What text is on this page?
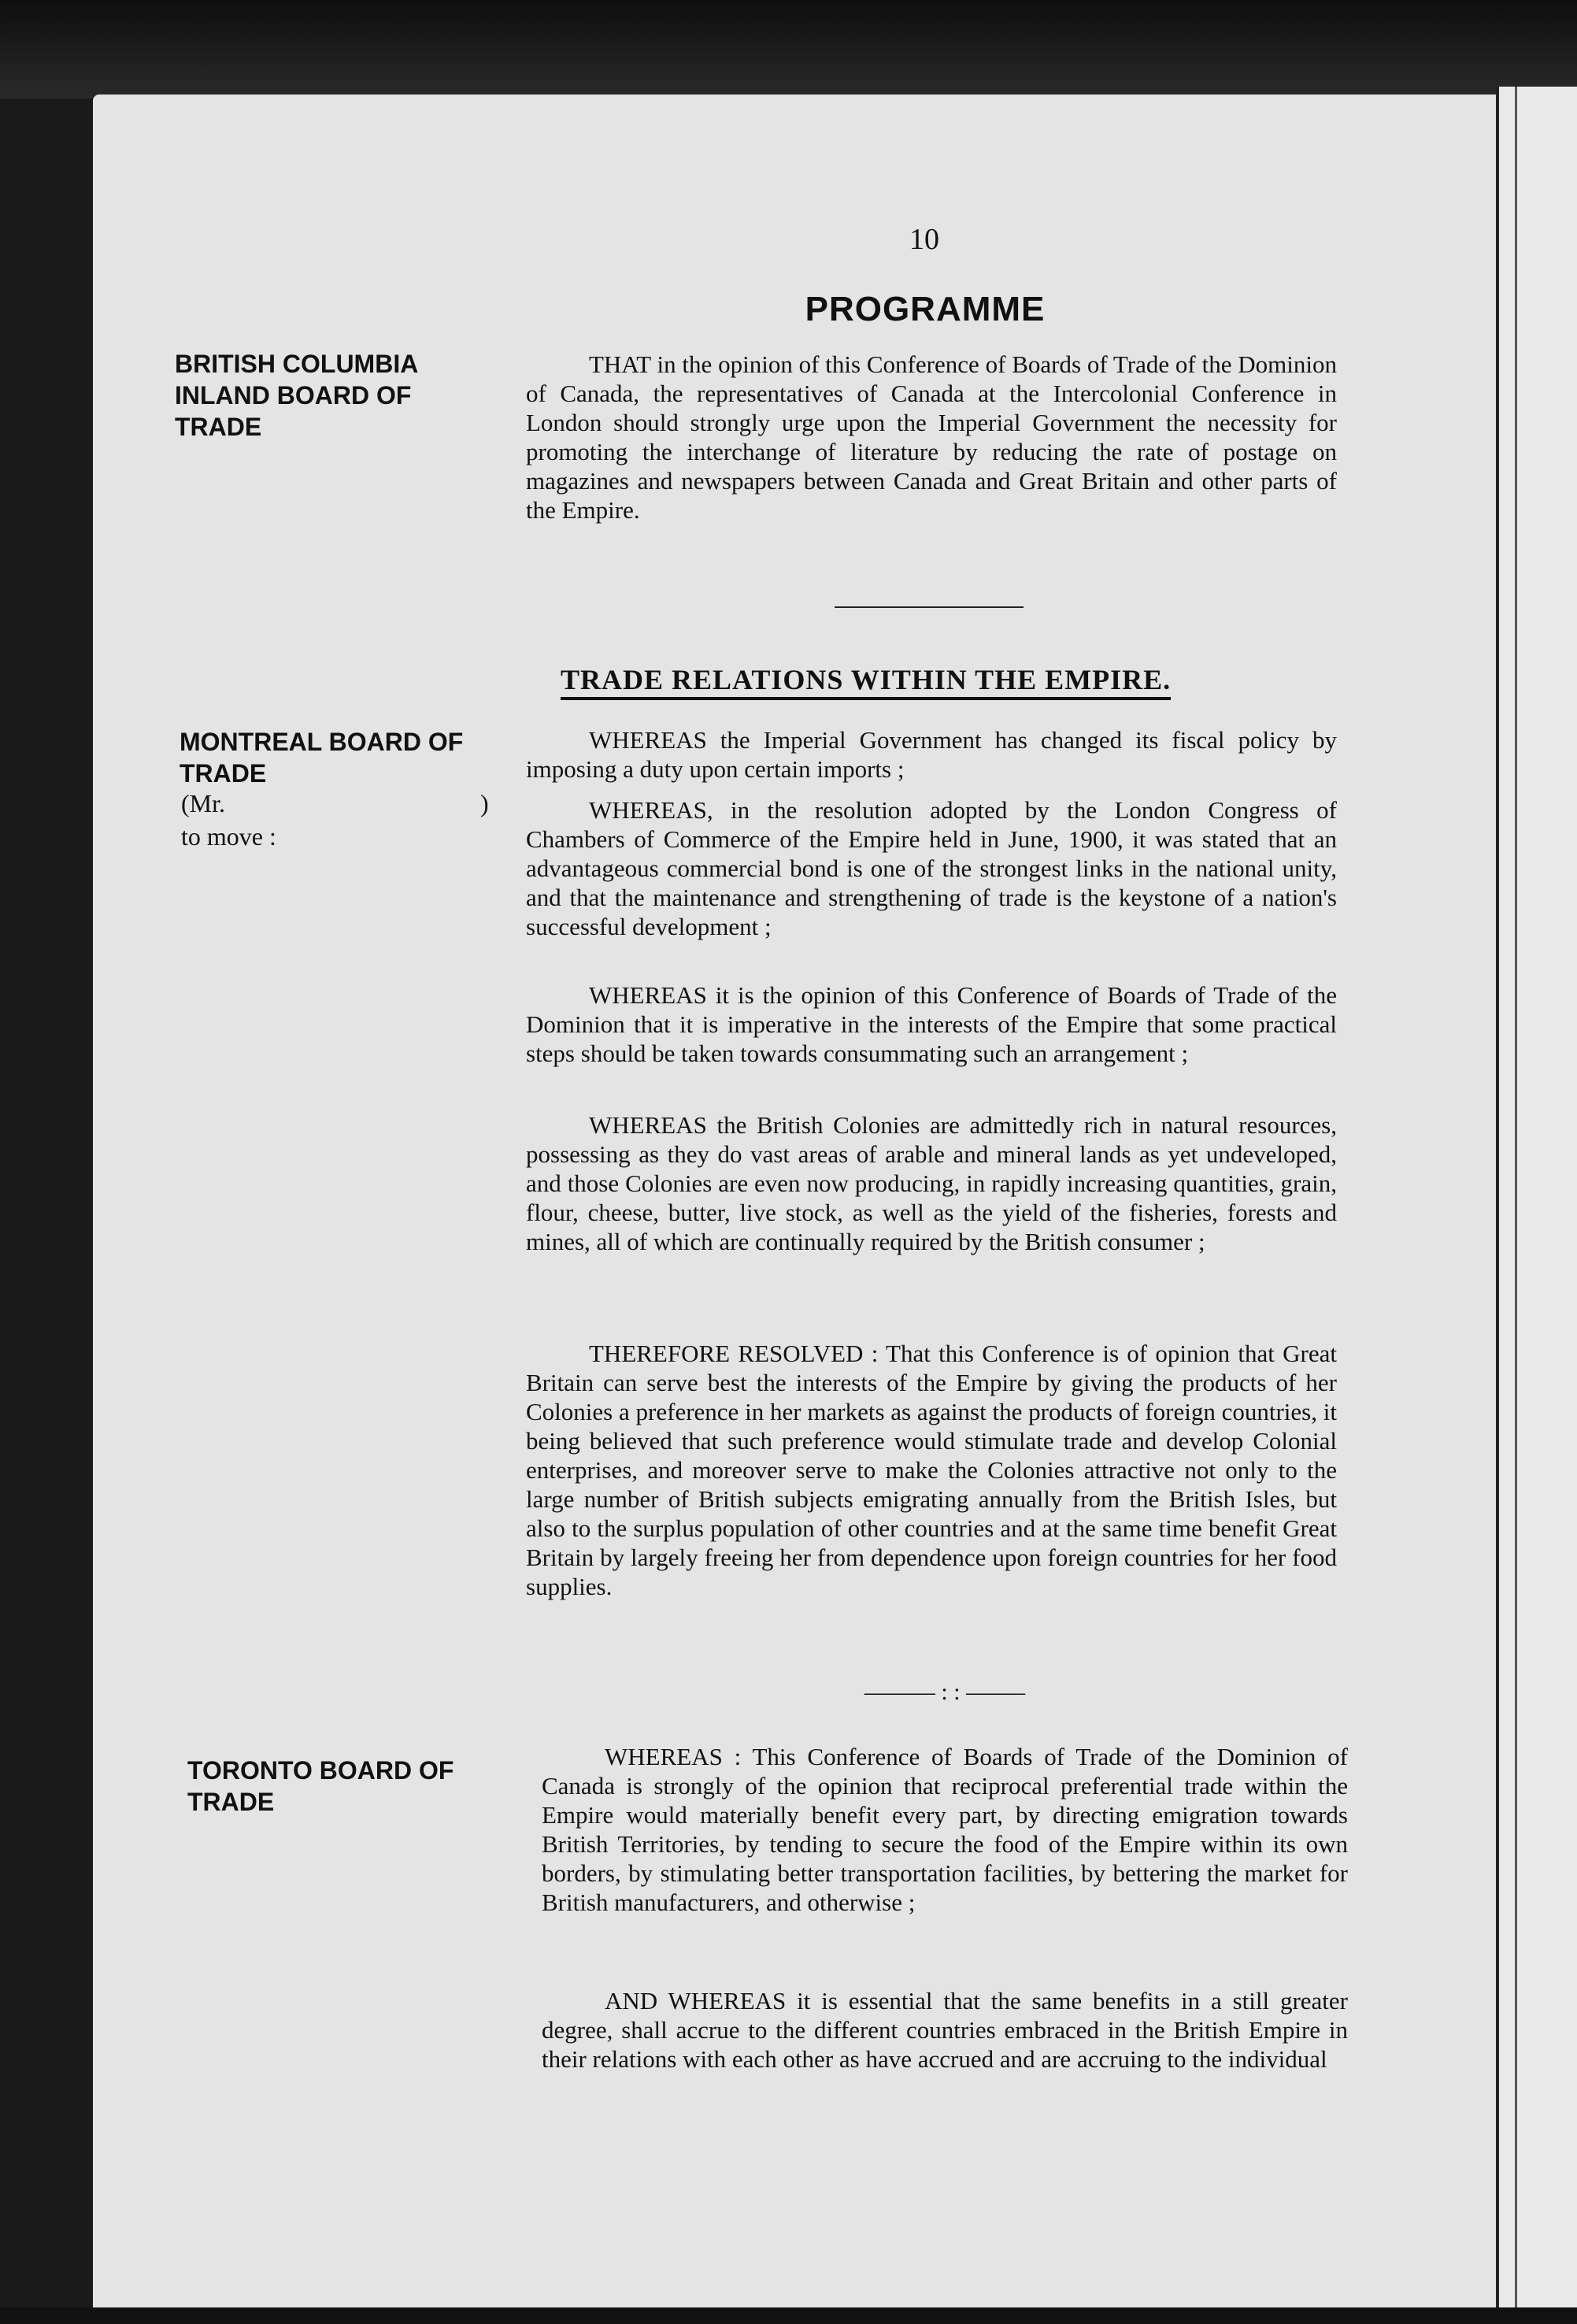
10
PROGRAMME
BRITISH COLUMBIA
INLAND BOARD OF
TRADE

THAT in the opinion of this Conference of Boards of Trade of the Dominion of Canada, the representatives of Canada at the Intercolonial Conference in London should strongly urge upon the Imperial Government the necessity for promoting the interchange of literature by reducing the rate of postage on magazines and newspapers between Canada and Great Britain and other parts of the Empire.

TRADE RELATIONS WITHIN THE EMPIRE.
MONTREAL BOARD OF
TRADE
(Mr.	)
to move :

WHEREAS the Imperial Government has changed its fiscal policy by imposing a duty upon certain imports ;

WHEREAS, in the resolution adopted by the London Congress of Chambers of Commerce of the Empire held in June, 1900, it was stated that an advantageous commercial bond is one of the strongest links in the national unity, and that the maintenance and strengthening of trade is the keystone of a nation's successful development ;

WHEREAS it is the opinion of this Conference of Boards of Trade of the Dominion that it is imperative in the interests of the Empire that some practical steps should be taken towards consummating such an arrangement ;

WHEREAS the British Colonies are admittedly rich in natural resources, possessing as they do vast areas of arable and mineral lands as yet undeveloped, and those Colonies are even now producing, in rapidly increasing quantities, grain, flour, cheese, butter, live stock, as well as the yield of the fisheries, forests and mines, all of which are continually required by the British consumer ;

THEREFORE RESOLVED : That this Conference is of opinion that Great Britain can serve best the interests of the Empire by giving the products of her Colonies a preference in her markets as against the products of foreign countries, it being believed that such preference would stimulate trade and develop Colonial enterprises, and moreover serve to make the Colonies attractive not only to the large number of British subjects emigrating annually from the British Isles, but also to the surplus population of other countries and at the same time benefit Great Britain by largely freeing her from dependence upon foreign countries for her food supplies.

——— : : ——–
TORONTO BOARD OF
TRADE

WHEREAS : This Conference of Boards of Trade of the Dominion of Canada is strongly of the opinion that reciprocal preferential trade within the Empire would materially benefit every part, by directing emigration towards British Territories, by tending to secure the food of the Empire within its own borders, by stimulating better transportation facilities, by bettering the market for British manufacturers, and otherwise ;

AND WHEREAS it is essential that the same benefits in a still greater degree, shall accrue to the different countries embraced in the British Empire in their relations with each other as have accrued and are accruing to the individual
